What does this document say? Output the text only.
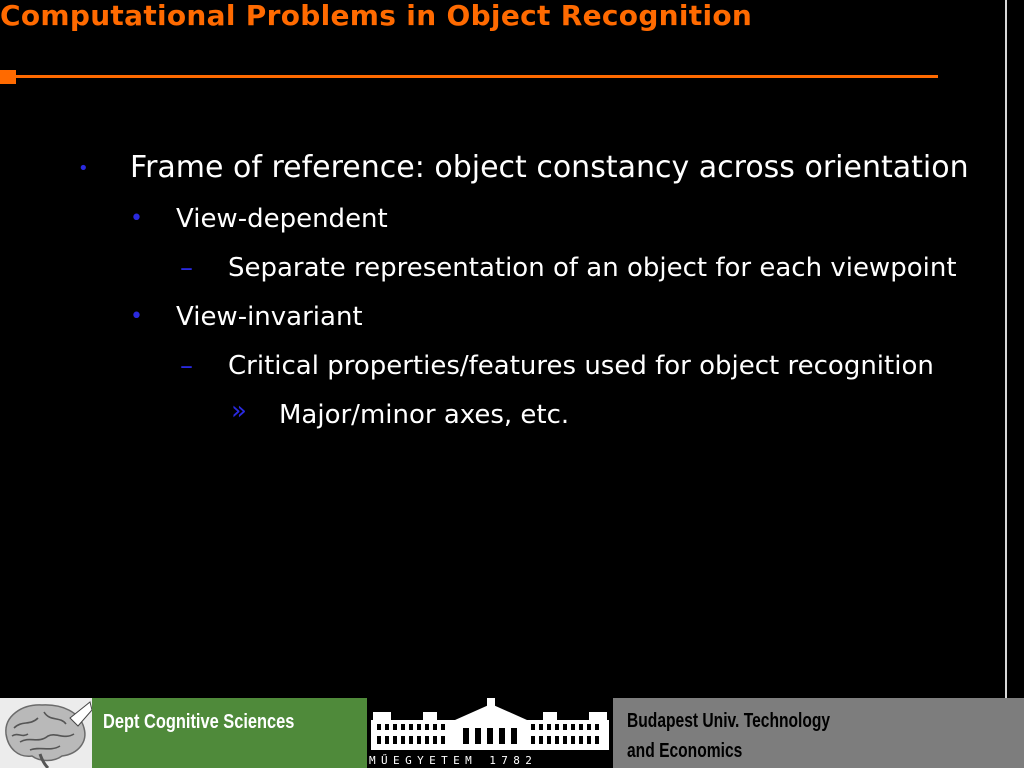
Computational Problems in Object Recognition
• Frame of reference: object constancy across orientation
• View-dependent
– Separate representation of an object for each viewpoint
• View-invariant
– Critical properties/features used for object recognition
» Major/minor axes, etc.
Dept Cognitive Sciences
MŰEGYETEM 1782
Budapest Univ. Technology
and Economics
